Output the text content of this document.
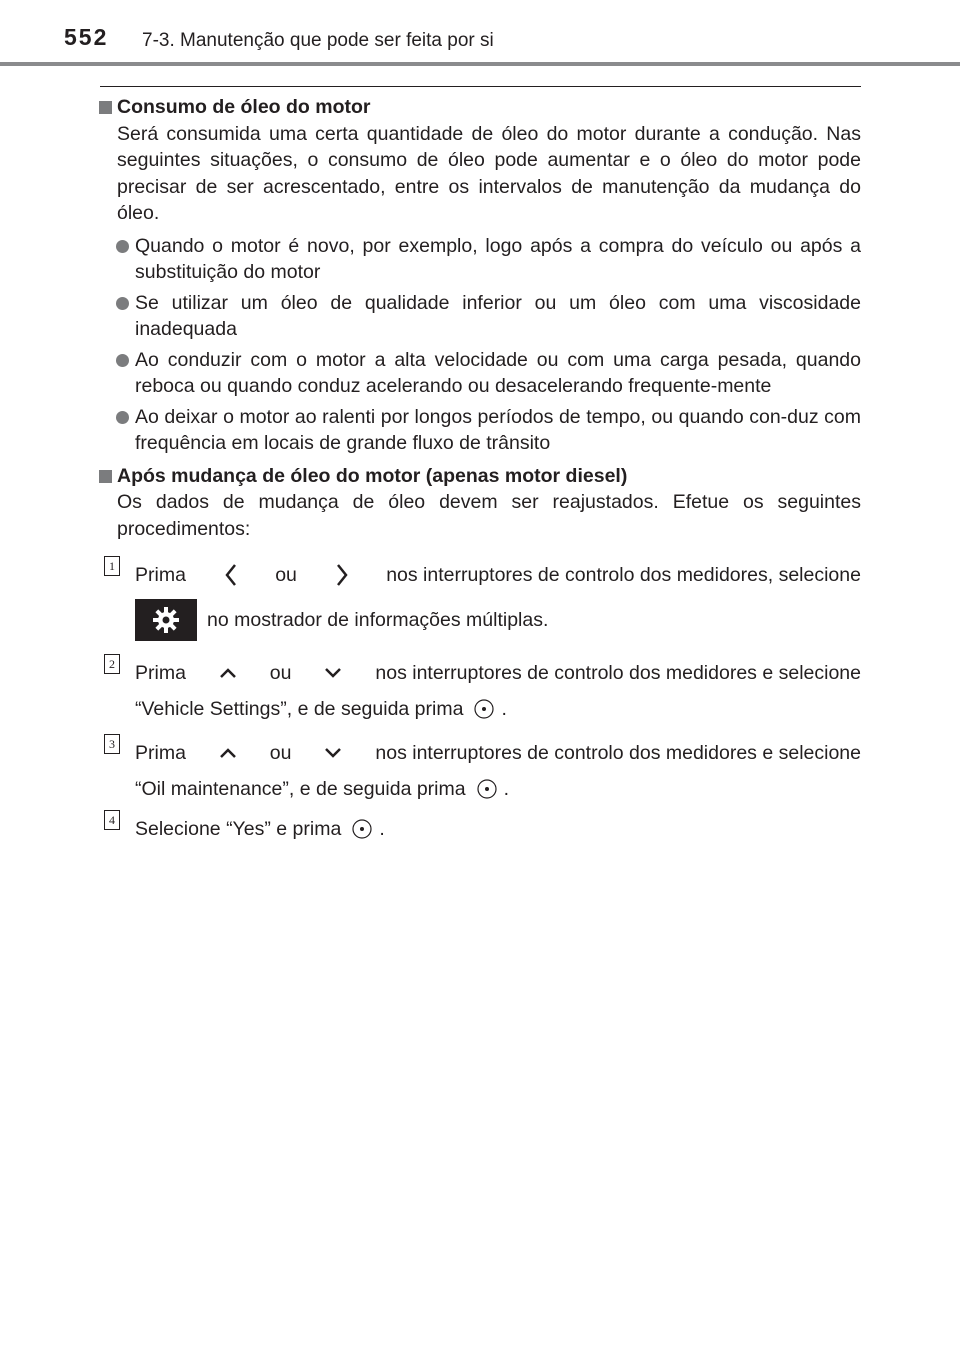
552 7-3. Manutenção que pode ser feita por si

Consumo de óleo do motor

Será consumida uma certa quantidade de óleo do motor durante a condução. Nas seguintes situações, o consumo de óleo pode aumentar e o óleo do motor pode precisar de ser acrescentado, entre os intervalos de manutenção da mudança do óleo.

Quando o motor é novo, por exemplo, logo após a compra do veículo ou após a substituição do motor
Se utilizar um óleo de qualidade inferior ou um óleo com uma viscosidade inadequada
Ao conduzir com o motor a alta velocidade ou com uma carga pesada, quando reboca ou quando conduz acelerando ou desacelerando frequente-mente
Ao deixar o motor ao ralenti por longos períodos de tempo, ou quando con-duz com frequência em locais de grande fluxo de trânsito

Após mudança de óleo do motor (apenas motor diesel)

Os dados de mudança de óleo devem ser reajustados. Efetue os seguintes procedimentos:

1 Prima	ou	nos interruptores de controlo dos medidores, selecione
no mostrador de informações múltiplas.
2 Prima	ou	nos interruptores de controlo dos medidores e selecione
“Vehicle Settings”, e de seguida prima .
3 Prima	ou	nos interruptores de controlo dos medidores e selecione
“Oil maintenance”, e de seguida prima .
4 Selecione “Yes” e prima .
